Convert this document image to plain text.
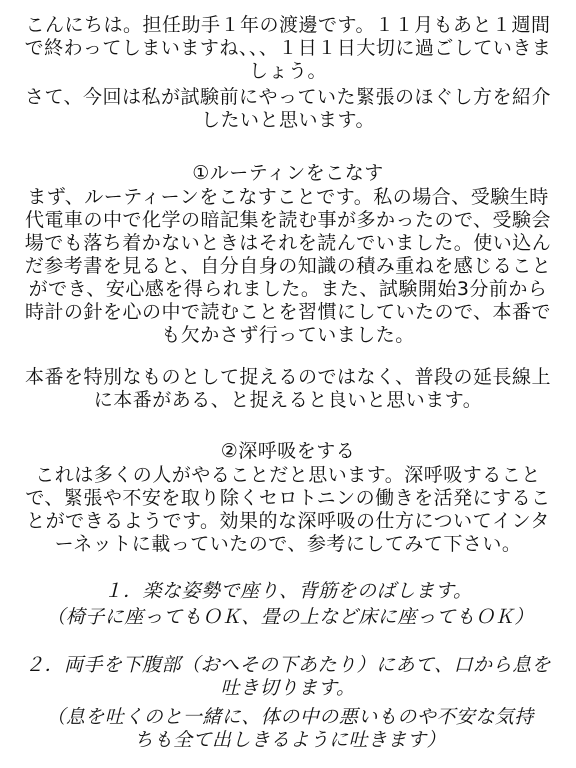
こんにちは。担任助手１年の渡邊です。１１月もあと１週間で終わってしまいますね、、、１日１日大切に過ごしていきましょう。

さて、今回は私が試験前にやっていた緊張のほぐし方を紹介したいと思います。

①ルーティンをこなす

まず、ルーティーンをこなすことです。私の場合、受験生時代電車の中で化学の暗記集を読む事が多かったので、受験会場でも落ち着かないときはそれを読んでいました。使い込んだ参考書を見ると、自分自身の知識の積み重ねを感じることができ、安心感を得られました。また、試験開始3分前から時計の針を心の中で読むことを習慣にしていたので、本番でも欠かさず行っていました。

本番を特別なものとして捉えるのではなく、普段の延長線上に本番がある、と捉えると良いと思います。

②深呼吸をする

これは多くの人がやることだと思います。深呼吸することで、緊張や不安を取り除くセロトニンの働きを活発にすることができるようです。効果的な深呼吸の仕方についてインターネットに載っていたので、参考にしてみて下さい。

１．楽な姿勢で座り、背筋をのばします。

（椅子に座ってもＯＫ、畳の上など床に座ってもＯＫ）

２．両手を下腹部（おへその下あたり）にあて、口から息を吐き切ります。

（息を吐くのと一緒に、体の中の悪いものや不安な気持ちも全て出しきるように吐きます）
